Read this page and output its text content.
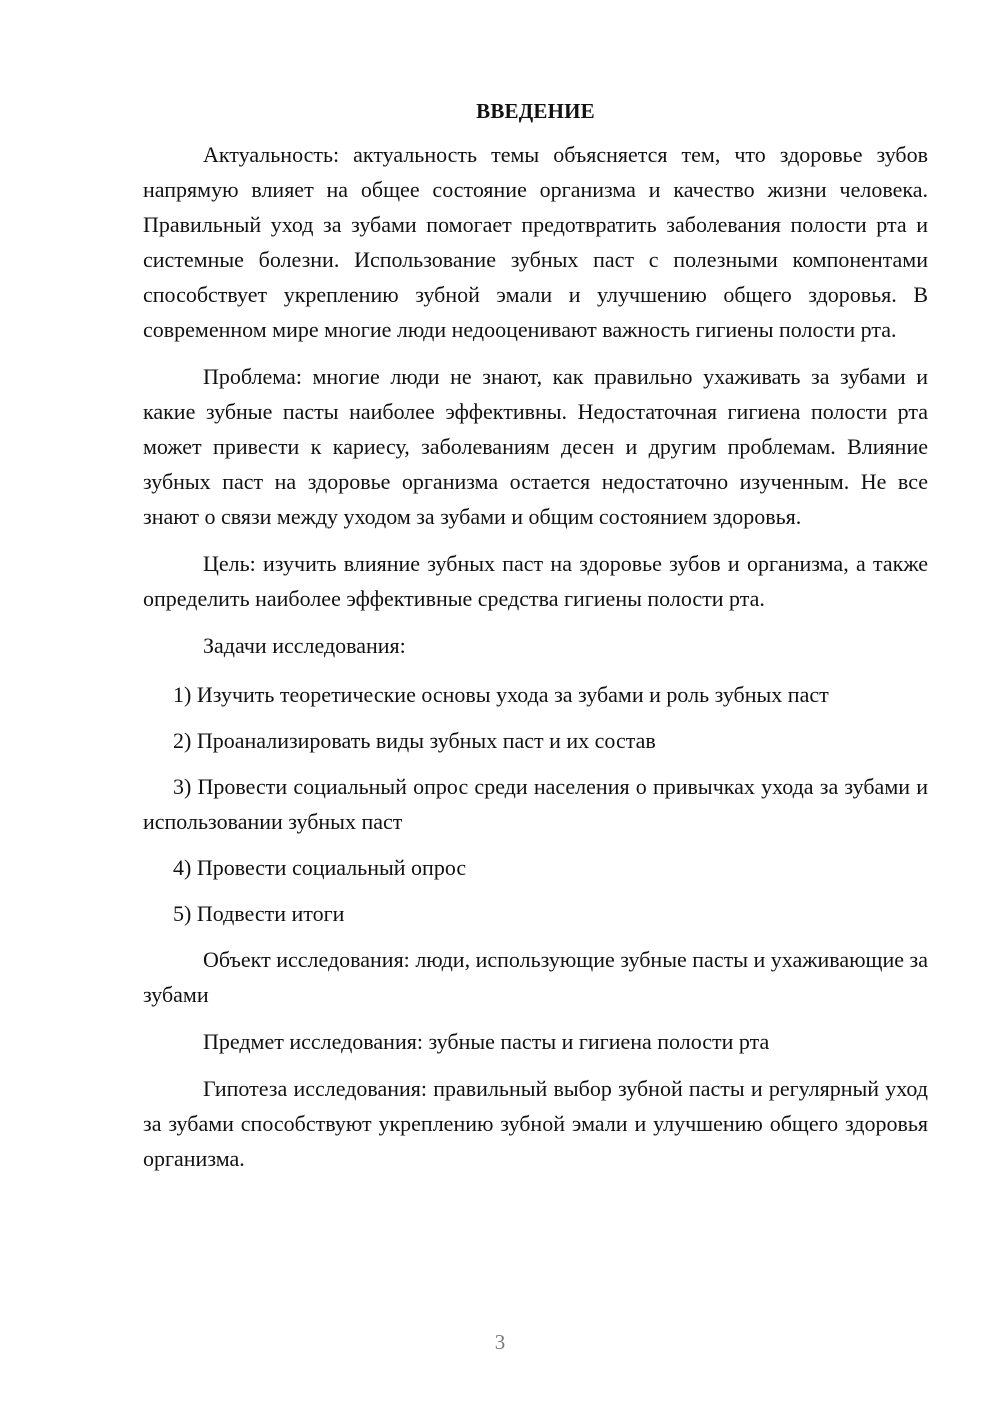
ВВЕДЕНИЕ

Актуальность: актуальность темы объясняется тем, что здоровье зубов напрямую влияет на общее состояние организма и качество жизни человека. Правильный уход за зубами помогает предотвратить заболевания полости рта и системные болезни. Использование зубных паст с полезными компонентами способствует укреплению зубной эмали и улучшению общего здоровья. В современном мире многие люди недооценивают важность гигиены полости рта.

Проблема: многие люди не знают, как правильно ухаживать за зубами и какие зубные пасты наиболее эффективны. Недостаточная гигиена полости рта может привести к кариесу, заболеваниям десен и другим проблемам. Влияние зубных паст на здоровье организма остается недостаточно изученным. Не все знают о связи между уходом за зубами и общим состоянием здоровья.

Цель: изучить влияние зубных паст на здоровье зубов и организма, а также определить наиболее эффективные средства гигиены полости рта.

Задачи исследования:

1) Изучить теоретические основы ухода за зубами и роль зубных паст

2) Проанализировать виды зубных паст и их состав

3) Провести социальный опрос среди населения о привычках ухода за зубами и использовании зубных паст

4) Провести социальный опрос

5) Подвести итоги

Объект исследования: люди, использующие зубные пасты и ухаживающие за зубами

Предмет исследования: зубные пасты и гигиена полости рта

Гипотеза исследования: правильный выбор зубной пасты и регулярный уход за зубами способствуют укреплению зубной эмали и улучшению общего здоровья организма.

3
